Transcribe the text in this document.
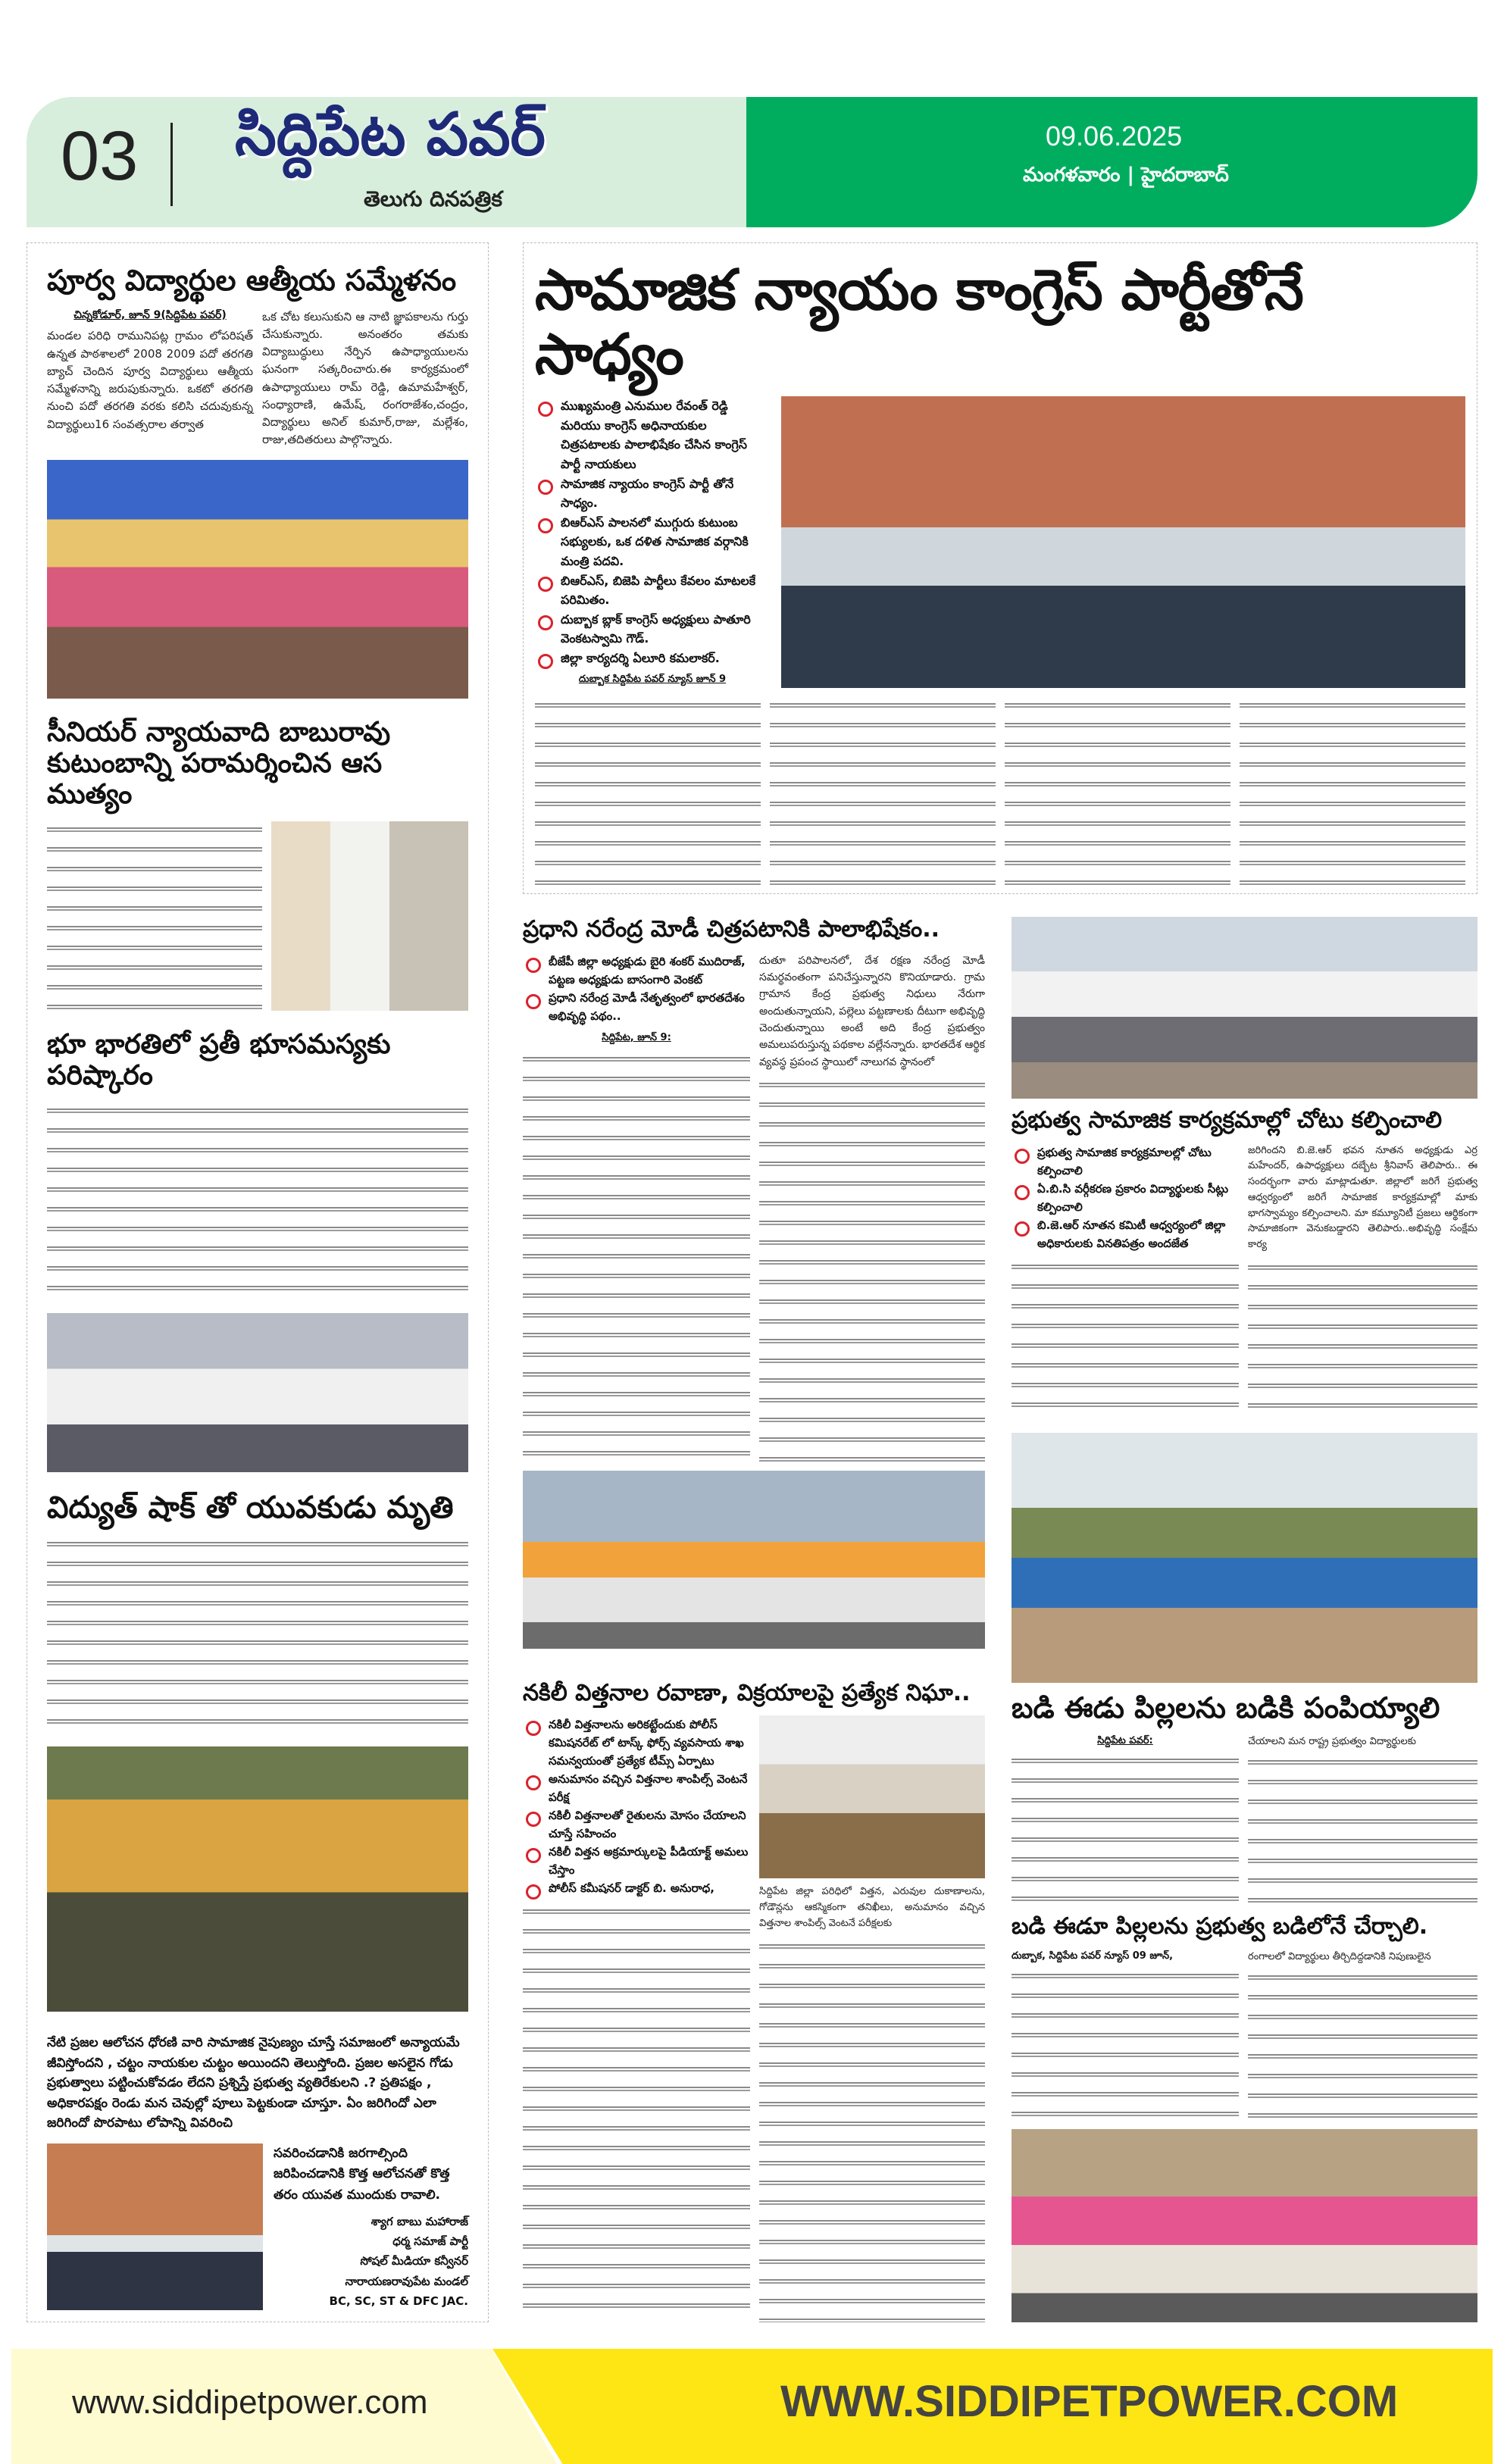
03 సిద్దిపేట పవర్
తెలుగు దినపత్రిక
09.06.2025
మంగళవారం | హైదరాబాద్
పూర్వ విద్యార్థుల ఆత్మీయ సమ్మేళనం
చిన్నకోడూర్, జూన్ 9(సిద్దిపేట పవర్)
మండల పరిధి రామునిపట్ల గ్రామం లోపరిషత్ ఉన్నత పాఠశాలలో 2008 2009 పదో తరగతి బ్యాచ్ చెందిన పూర్వ విద్యార్థులు ఆత్మీయ సమ్మేళనాన్ని జరుపుకున్నారు. ఒకటో తరగతి నుంచి పదో తరగతి వరకు కలిసి చదువుకున్న విద్యార్థులు16 సంవత్సరాల తర్వాత
ఒక చోట కలుసుకుని ఆ నాటి జ్ఞాపకాలను గుర్తు చేసుకున్నారు. అనంతరం తమకు విద్యాబుద్ధులు నేర్పిన ఉపాధ్యాయులను ఘనంగా సత్కరించారు.ఈ కార్యక్రమంలో ఉపాధ్యాయులు రామ్ రెడ్డి, ఉమామహేశ్వర్, సంధ్యారాణి, ఉమేష్, రంగరాజేశం,చంద్రం, విద్యార్థులు అనిల్ కుమార్,రాజు, మల్లేశం, రాజు,తదితరులు పాల్గొన్నారు.
సీనియర్ న్యాయవాది బాబురావు కుటుంబాన్ని పరామర్శించిన ఆస ముత్యం
భూ భారతిలో ప్రతీ భూసమస్యకు పరిష్కారం
విద్యుత్ షాక్ తో యువకుడు మృతి
నేటి ప్రజల ఆలోచన ధోరణి వారి సామాజిక నైపుణ్యం చూస్తే సమాజంలో అన్యాయమే జీవిస్తోందని , చట్టం నాయకుల చుట్టం అయిందని తెలుస్తోంది. ప్రజల అసలైన గోడు ప్రభుత్వాలు పట్టించుకోవడం లేదని ప్రశ్నిస్తే ప్రభుత్వ వ్యతిరేకులని .? ప్రతిపక్షం , అధికారపక్షం రెండు మన చెవుల్లో పూలు పెట్టకుండా చూస్తూ. ఏం జరిగిందో ఎలా జరిగిందో పొరపాటు లోపాన్ని వివరించి
సవరించడానికి జరగాల్సింది జరిపించడానికి కొత్త ఆలోచనతో కొత్త తరం యువత ముందుకు రావాలి.
శ్యాగ బాబు మహారాజ్
ధర్మ సమాజ్ పార్టీ
సోషల్ మీడియా కన్వీనర్
నారాయణరావుపేట మండల్
BC, SC, ST & DFC JAC.
సామాజిక న్యాయం కాంగ్రెస్ పార్టీతోనే సాధ్యం
ముఖ్యమంత్రి ఎనుముల రేవంత్ రెడ్డి మరియు కాంగ్రెస్ అధినాయకుల చిత్రపటాలకు పాలాభిషేకం చేసిన కాంగ్రెస్ పార్టీ నాయకులు
సామాజిక న్యాయం కాంగ్రెస్ పార్టీ తోనే సాధ్యం.
బిఆర్ఎస్ పాలనలో ముగ్గురు కుటుంబ సభ్యులకు, ఒక దళిత సామాజిక వర్గానికి మంత్రి పదవి.
బిఆర్ఎస్, బిజెపి పార్టీలు కేవలం మాటలకే పరిమితం.
దుబ్బాక బ్లాక్ కాంగ్రెస్ అధ్యక్షులు పాతూరి వెంకటస్వామి గౌడ్.
జిల్లా కార్యదర్శి ఏలూరి కమలాకర్.
దుబ్బాక సిద్దిపేట పవర్ న్యూస్ జూన్ 9
ప్రధాని నరేంద్ర మోడీ చిత్రపటానికి పాలాభిషేకం..
బీజేపీ జిల్లా అధ్యక్షుడు బైరి శంకర్ ముదిరాజ్, పట్టణ అధ్యక్షుడు బాసంగారి వెంకట్
ప్రధాని నరేంద్ర మోడీ నేతృత్వంలో భారతదేశం అభివృద్ధి పథం..
సిద్దిపేట, జూన్ 9:
దుతూ పరిపాలనలో, దేశ రక్షణ నరేంద్ర మోడీ సమర్థవంతంగా పనిచేస్తున్నారని కొనియాడారు. గ్రామ గ్రామాన కేంద్ర ప్రభుత్వ నిధులు నేరుగా అందుతున్నాయని, పల్లెలు పట్టణాలకు దీటుగా అభివృద్ధి చెందుతున్నాయి అంటే అది కేంద్ర ప్రభుత్వం అమలుపరుస్తున్న పథకాల వల్లేనన్నారు. భారతదేశ ఆర్థిక వ్యవస్థ ప్రపంచ స్థాయిలో నాలుగవ స్థానంలో
నకిలీ విత్తనాల రవాణా, విక్రయాలపై ప్రత్యేక నిఘా..
నకిలీ విత్తనాలను అరికట్టేందుకు పోలీస్ కమిషనరేట్ లో టాస్క్ ఫోర్స్ వ్యవసాయ శాఖ సమన్వయంతో ప్రత్యేక టీమ్స్ ఏర్పాటు
అనుమానం వచ్చిన విత్తనాల శాంపిల్స్ వెంటనే పరీక్ష
నకిలీ విత్తనాలతో రైతులను మోసం చేయాలని చూస్తే సహించం
నకిలీ విత్తన అక్రమార్కులపై పీడియాక్ట్ అమలు చేస్తాం
పోలీస్ కమీషనర్ డాక్టర్ బి. అనురాధ,	సిద్దిపేట జిల్లా పరిధిలో విత్తన, ఎరువుల దుకాణాలను, గోడౌన్లను ఆకస్మికంగా తనిఖీలు, అనుమానం వచ్చిన విత్తనాల శాంపిల్స్ వెంటనే పరీక్షలకు
ప్రభుత్వ సామాజిక కార్యక్రమాల్లో చోటు కల్పించాలి
ప్రభుత్వ సామాజిక కార్యక్రమాలల్లో చోటు కల్పించాలి
ఏ.బి.సి వర్గీకరణ ప్రకారం విద్యార్థులకు సీట్లు కల్పించాలి
బి.జె.ఆర్ నూతన కమిటీ ఆధ్వర్యంలో జిల్లా అధికారులకు వినతిపత్రం అందజేత
జరిగిందని బి.జె.ఆర్ భవన నూతన అధ్యక్షుడు ఎర్ర మహేందర్, ఉపాధ్యక్షులు దబ్బేట శ్రీనివాస్ తెలిపారు.. ఈ సందర్భంగా వారు మాట్లాడుతూ. జిల్లాలో జరిగే ప్రభుత్వ ఆధ్వర్యంలో జరిగే సామాజిక కార్యక్రమాల్లో మాకు భాగస్వామ్యం కల్పించాలని. మా కమ్యూనిటీ ప్రజలు ఆర్థికంగా సామాజికంగా వెనుకబడ్డారని తెలిపారు..అభివృద్ధి సంక్షేమ కార్య
బడి ఈడు పిల్లలను బడికి పంపియ్యాలి
సిద్దిపేట పవర్:	చేయాలని మన రాష్ట్ర ప్రభుత్వం విద్యార్థులకు
బడి ఈడూ పిల్లలను ప్రభుత్వ బడిలోనే చేర్చాలి.
దుబ్బాక, సిద్దిపేట పవర్ న్యూస్ 09 జూన్,	రంగాలలో విద్యార్థులు తీర్చిదిద్దడానికి నిపుణులైన
www.siddipetpower.com	WWW.SIDDIPETPOWER.COM
